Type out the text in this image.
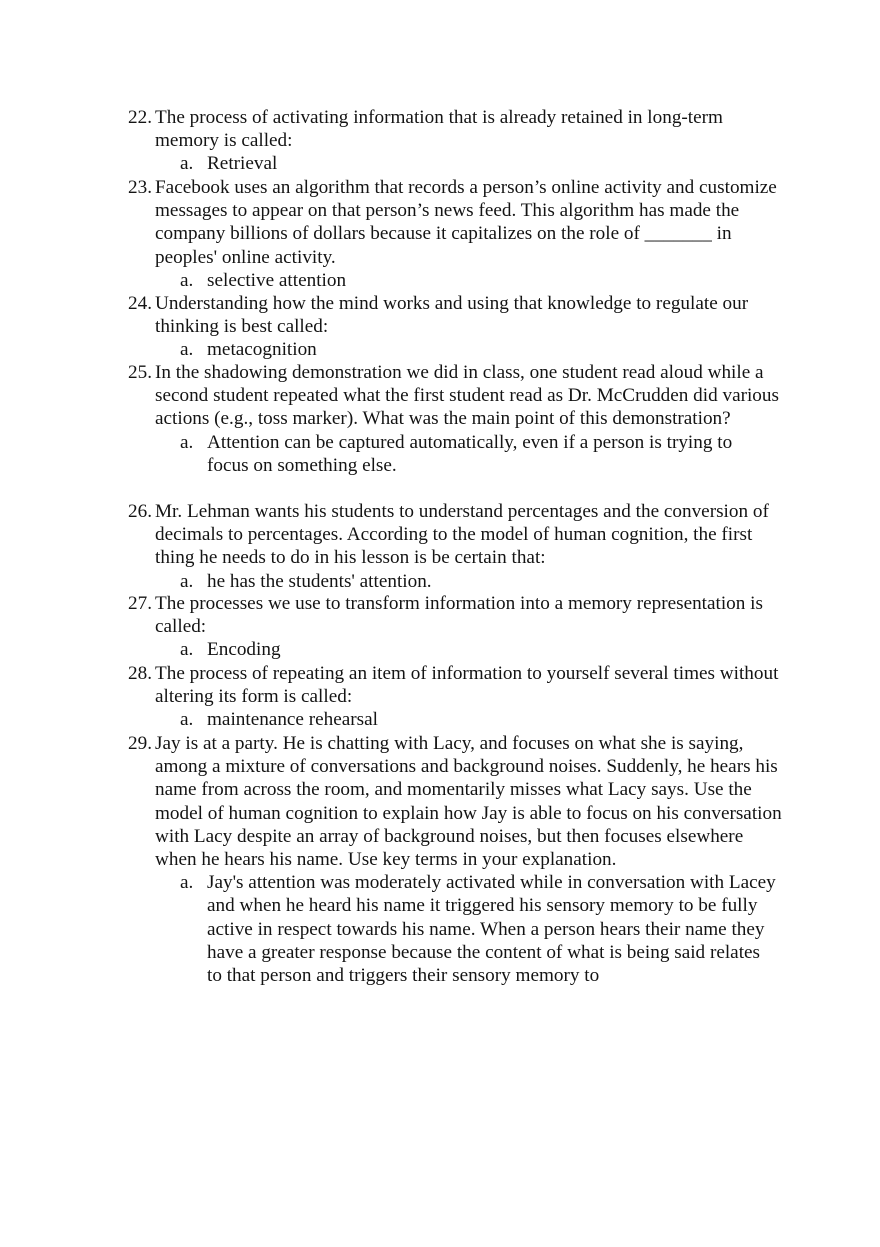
22. The process of activating information that is already retained in long-term memory is called:
a. Retrieval
23. Facebook uses an algorithm that records a person’s online activity and customize messages to appear on that person’s news feed. This algorithm has made the company billions of dollars because it capitalizes on the role of _______ in peoples' online activity.
a. selective attention
24. Understanding how the mind works and using that knowledge to regulate our thinking is best called:
a. metacognition
25. In the shadowing demonstration we did in class, one student read aloud while a second student repeated what the first student read as Dr. McCrudden did various actions (e.g., toss marker). What was the main point of this demonstration?
a. Attention can be captured automatically, even if a person is trying to focus on something else.
26. Mr. Lehman wants his students to understand percentages and the conversion of decimals to percentages. According to the model of human cognition, the first thing he needs to do in his lesson is be certain that:
a. he has the students' attention.
27. The processes we use to transform information into a memory representation is called:
a. Encoding
28. The process of repeating an item of information to yourself several times without altering its form is called:
a. maintenance rehearsal
29. Jay is at a party. He is chatting with Lacy, and focuses on what she is saying, among a mixture of conversations and background noises. Suddenly, he hears his name from across the room, and momentarily misses what Lacy says. Use the model of human cognition to explain how Jay is able to focus on his conversation with Lacy despite an array of background noises, but then focuses elsewhere when he hears his name. Use key terms in your explanation.
a. Jay's attention was moderately activated while in conversation with Lacey and when he heard his name it triggered his sensory memory to be fully active in respect towards his name. When a person hears their name they have a greater response because the content of what is being said relates to that person and triggers their sensory memory to
